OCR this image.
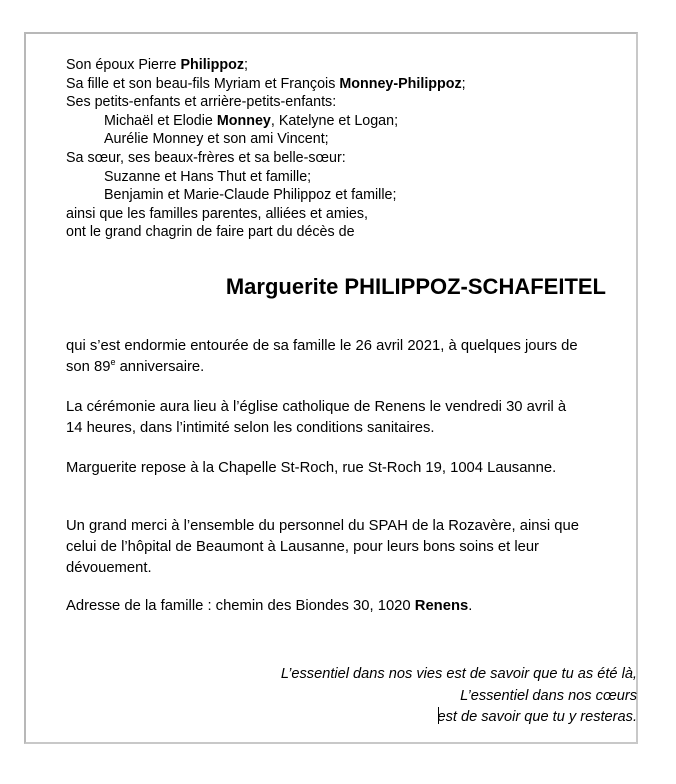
Son époux Pierre Philippoz;
Sa fille et son beau-fils Myriam et François Monney-Philippoz;
Ses petits-enfants et arrière-petits-enfants:
Michaël et Elodie Monney, Katelyne et Logan;
Aurélie Monney et son ami Vincent;
Sa sœur, ses beaux-frères et sa belle-sœur:
Suzanne et Hans Thut et famille;
Benjamin et Marie-Claude Philippoz et famille;
ainsi que les familles parentes, alliées et amies,
ont le grand chagrin de faire part du décès de
Marguerite PHILIPPOZ-SCHAFEITEL
qui s’est endormie entourée de sa famille le 26 avril 2021, à quelques jours de son 89e anniversaire.
La cérémonie aura lieu à l’église catholique de Renens le vendredi 30 avril à 14 heures, dans l’intimité selon les conditions sanitaires.
Marguerite repose à la Chapelle St-Roch, rue St-Roch 19, 1004 Lausanne.
Un grand merci à l’ensemble du personnel du SPAH de la Rozavère, ainsi que celui de l’hôpital de Beaumont à Lausanne, pour leurs bons soins et leur dévouement.
Adresse de la famille : chemin des Biondes 30, 1020 Renens.
L’essentiel dans nos vies est de savoir que tu as été là,
L’essentiel dans nos cœurs
est de savoir que tu y resteras.
